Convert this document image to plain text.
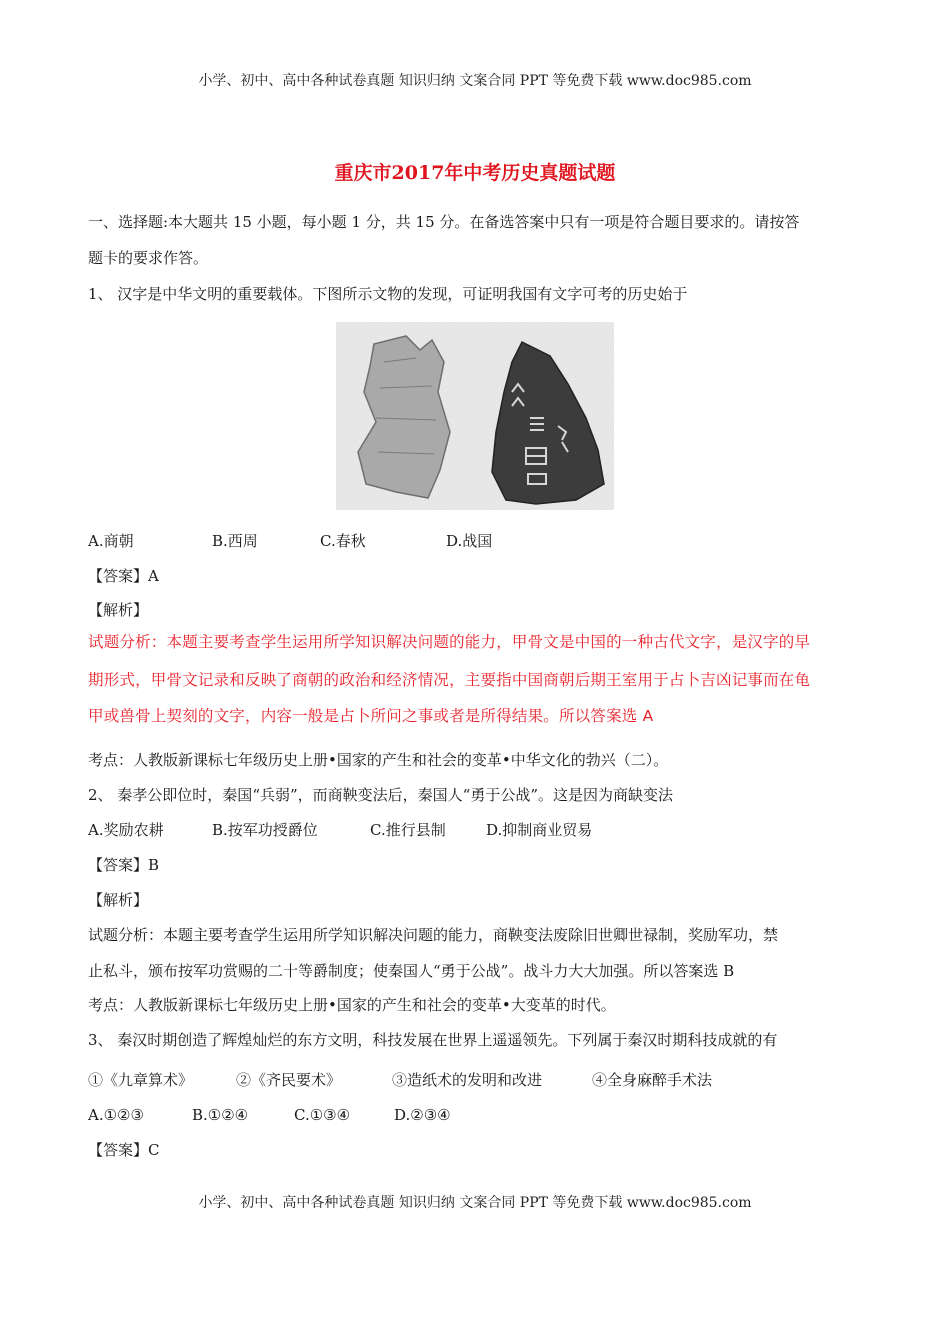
小学、初中、高中各种试卷真题 知识归纳 文案合同 PPT 等免费下载 www.doc985.com
重庆市2017年中考历史真题试题
一、选择题:本大题共 15 小题，每小题 1 分，共 15 分。在备选答案中只有一项是符合题目要求的。请按答
题卡的要求作答。
1、 汉字是中华文明的重要载体。下图所示文物的发现，可证明我国有文字可考的历史始于
A.商朝	B.西周	C.春秋	D.战国
【答案】A
【解析】
试题分析：本题主要考查学生运用所学知识解决问题的能力，甲骨文是中国的一种古代文字，是汉字的早
期形式，甲骨文记录和反映了商朝的政治和经济情况，主要指中国商朝后期王室用于占卜吉凶记事而在龟
甲或兽骨上契刻的文字，内容一般是占卜所问之事或者是所得结果。所以答案选 A
考点：人教版新课标七年级历史上册•国家的产生和社会的变革•中华文化的勃兴（二）。
2、 秦孝公即位时，秦国“兵弱”，而商鞅变法后，秦国人“勇于公战”。这是因为商缺变法
A.奖励农耕	B.按军功授爵位	C.推行县制	D.抑制商业贸易
【答案】B
【解析】
试题分析：本题主要考查学生运用所学知识解决问题的能力，商鞅变法废除旧世卿世禄制，奖励军功，禁
止私斗，颁布按军功赏赐的二十等爵制度；使秦国人“勇于公战”。战斗力大大加强。所以答案选 B
考点：人教版新课标七年级历史上册•国家的产生和社会的变革•大变革的时代。
3、 秦汉时期创造了辉煌灿烂的东方文明，科技发展在世界上遥遥领先。下列属于秦汉时期科技成就的有
①《九章算术》	②《齐民要术》	③造纸术的发明和改进	④全身麻醉手术法
A.①②③	B.①②④	C.①③④	D.②③④
【答案】C
小学、初中、高中各种试卷真题 知识归纳 文案合同 PPT 等免费下载 www.doc985.com
